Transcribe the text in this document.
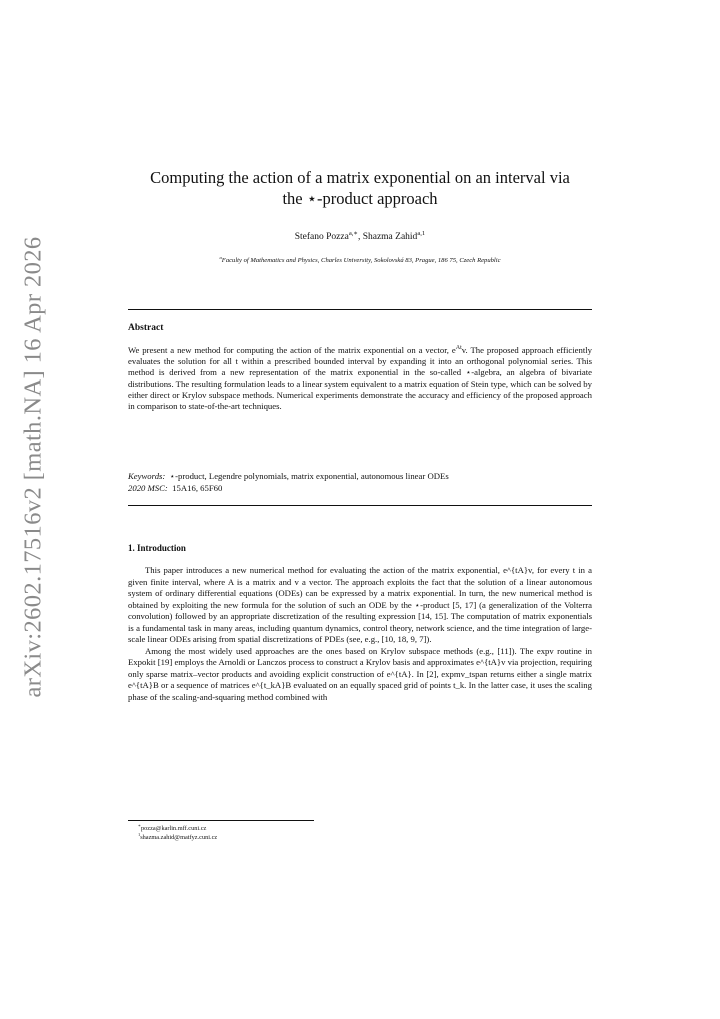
arXiv:2602.17516v2 [math.NA] 16 Apr 2026
Computing the action of a matrix exponential on an interval via
the ⋆-product approach
Stefano Pozza$^{a,∗}$, Shazma Zahid$^{a,1}$
$^a$Faculty of Mathematics and Physics, Charles University, Sokolovská 83, Prague, 186 75, Czech Republic
Abstract

We present a new method for computing the action of the matrix exponential on a vector, $e^{At}v$. The proposed approach efficiently evaluates the solution for all t within a prescribed bounded interval by expanding it into an orthogonal polynomial series. This method is derived from a new representation of the matrix exponential in the so-called ⋆-algebra, an algebra of bivariate distributions. The resulting formulation leads to a linear system equivalent to a matrix equation of Stein type, which can be solved by either direct or Krylov subspace methods. Numerical experiments demonstrate the accuracy and efficiency of the proposed approach in comparison to state-of-the-art techniques.

Keywords: ⋆-product, Legendre polynomials, matrix exponential, autonomous linear ODEs
2020 MSC: 15A16, 65F60
1. Introduction

This paper introduces a new numerical method for evaluating the action of the matrix exponential, e^{tA}v, for every t in a given finite interval, where A is a matrix and v a vector. The approach exploits the fact that the solution of a linear autonomous system of ordinary differential equations (ODEs) can be expressed by a matrix exponential. In turn, the new numerical method is obtained by exploiting the new formula for the solution of such an ODE by the ⋆-product [5, 17] (a generalization of the Volterra convolution) followed by an appropriate discretization of the resulting expression [14, 15]. The computation of matrix exponentials is a fundamental task in many areas, including quantum dynamics, control theory, network science, and the time integration of large-scale linear ODEs arising from spatial discretizations of PDEs (see, e.g., [10, 18, 9, 7]).

Among the most widely used approaches are the ones based on Krylov subspace methods (e.g., [11]). The expv routine in Expokit [19] employs the Arnoldi or Lanczos process to construct a Krylov basis and approximates e^{tA}v via projection, requiring only sparse matrix–vector products and avoiding explicit construction of e^{tA}. In [2], expmv_tspan returns either a single matrix e^{tA}B or a sequence of matrices e^{t_kA}B evaluated on an equally spaced grid of points t_k. In the latter case, it uses the scaling phase of the scaling-and-squaring method combined with

∗pozza@karlin.mff.cuni.cz
$^1$shazma.zahid@matfyz.cuni.cz
